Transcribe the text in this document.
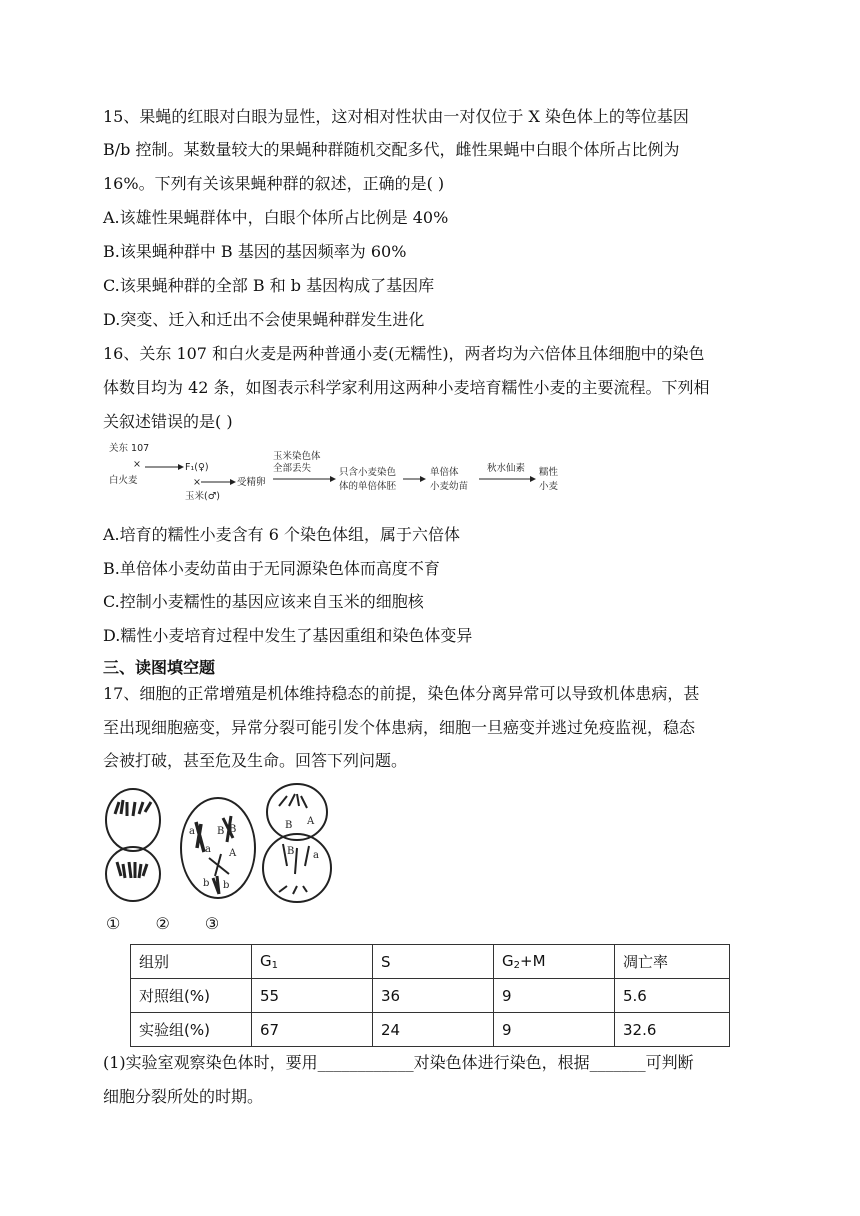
15、果蝇的红眼对白眼为显性，这对相对性状由一对仅位于 X 染色体上的等位基因
B/b 控制。某数量较大的果蝇种群随机交配多代，雌性果蝇中白眼个体所占比例为
16%。下列有关该果蝇种群的叙述，正确的是( )
A.该雄性果蝇群体中，白眼个体所占比例是 40%
B.该果蝇种群中 B 基因的基因频率为 60%
C.该果蝇种群的全部 B 和 b 基因构成了基因库
D.突变、迁入和迁出不会使果蝇种群发生进化
16、关东 107 和白火麦是两种普通小麦(无糯性)，两者均为六倍体且体细胞中的染色
体数目均为 42 条，如图表示科学家利用这两种小麦培育糯性小麦的主要流程。下列相
关叙述错误的是( )
关东 107
×
白火麦
F₁(♀)
×
玉米(♂)
受精卵
玉米染色体
全部丢失	只含小麦染色
体的单倍体胚
单倍体
小麦幼苗
秋水仙素 糯性
小麦
A.培育的糯性小麦含有 6 个染色体组，属于六倍体
B.单倍体小麦幼苗由于无同源染色体而高度不育
C.控制小麦糯性的基因应该来自玉米的细胞核
D.糯性小麦培育过程中发生了基因重组和染色体变异
三、读图填空题
17、细胞的正常增殖是机体维持稳态的前提，染色体分离异常可以导致机体患病，甚
至出现细胞癌变，异常分裂可能引发个体患病，细胞一旦癌变并逃过免疫监视，稳态
会被打破，甚至危及生命。回答下列问题。
a B B
a A
b b
B A
B a
① ② ③
组别	$G_1$	S	$G_2+M$	凋亡率
对照组(%)	55	36	9	5.6
实验组(%)	67	24	9	32.6
(1)实验室观察染色体时，要用____________对染色体进行染色，根据_______可判断
细胞分裂所处的时期。
